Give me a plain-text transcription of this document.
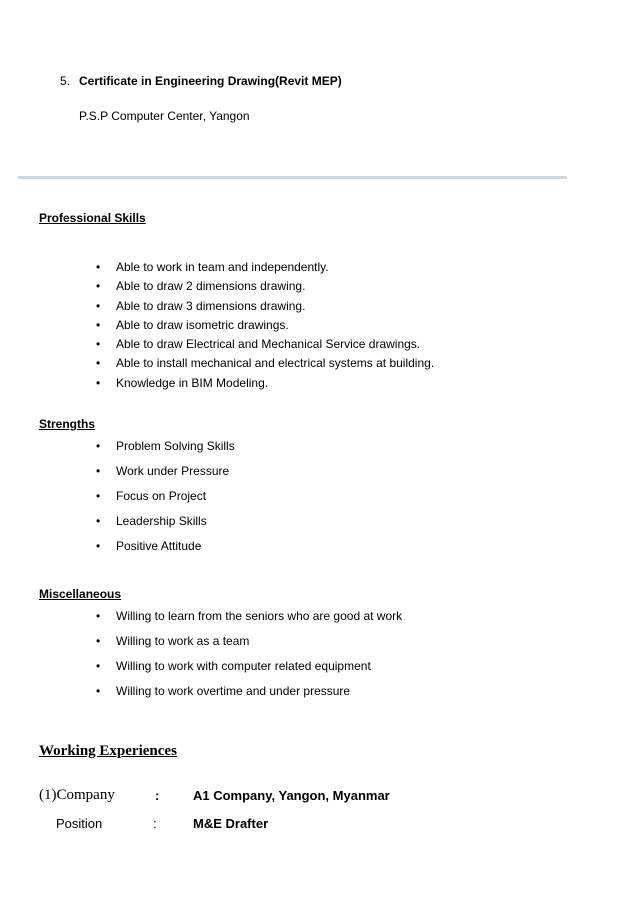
5. Certificate in Engineering Drawing(Revit MEP)
P.S.P Computer Center, Yangon
Professional Skills
• Able to work in team and independently.
• Able to draw 2 dimensions drawing.
• Able to draw 3 dimensions drawing.
• Able to draw isometric drawings.
• Able to draw Electrical and Mechanical Service drawings.
• Able to install mechanical and electrical systems at building.
• Knowledge in BIM Modeling.
Strengths
• Problem Solving Skills
• Work under Pressure
• Focus on Project
• Leadership Skills
• Positive Attitude
Miscellaneous
• Willing to learn from the seniors who are good at work
• Willing to work as a team
• Willing to work with computer related equipment
• Willing to work overtime and under pressure
Working Experiences
(1)Company	:	A1 Company, Yangon, Myanmar
Position	:	M&E Drafter
